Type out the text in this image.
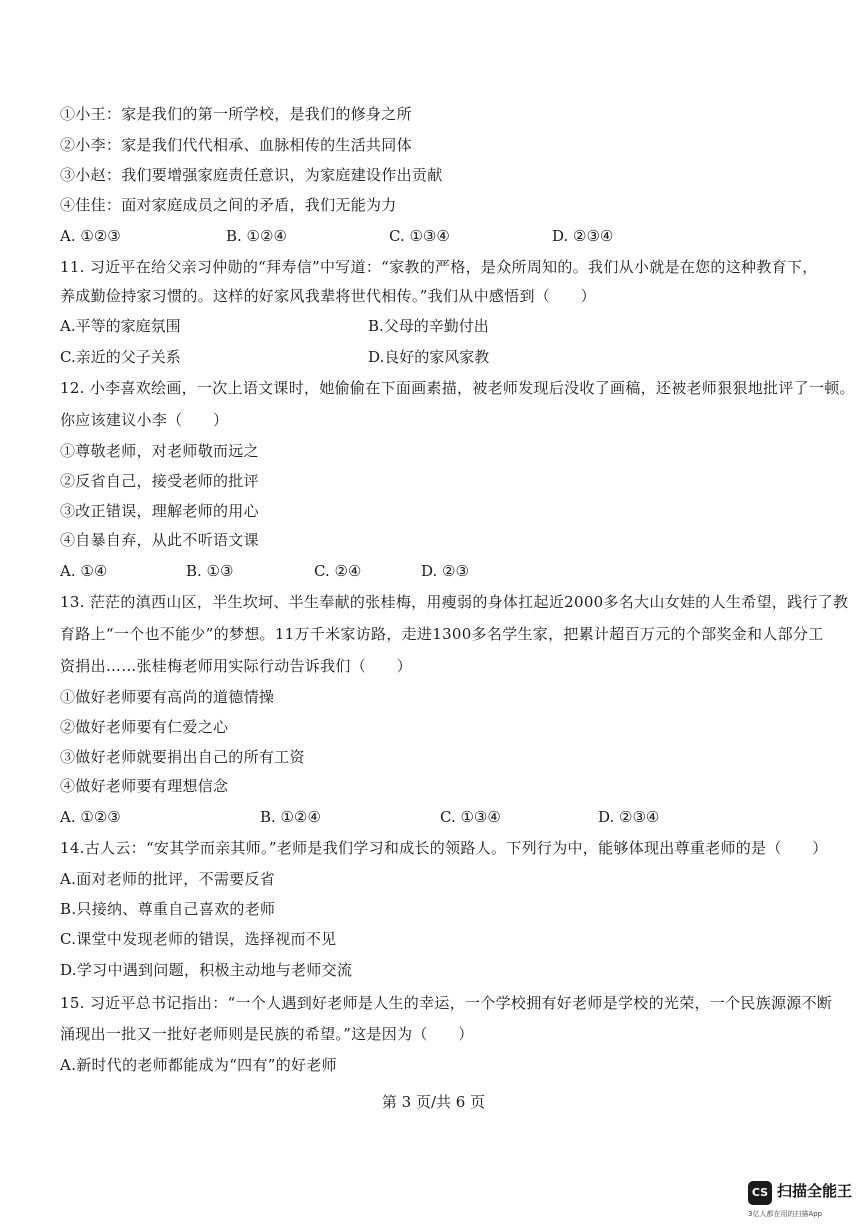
①小王：家是我们的第一所学校，是我们的修身之所
②小李：家是我们代代相承、血脉相传的生活共同体
③小赵：我们要增强家庭责任意识，为家庭建设作出贡献
④佳佳：面对家庭成员之间的矛盾，我们无能为力
A. ①②③	B. ①②④	C. ①③④	D. ②③④
11. 习近平在给父亲习仲勋的“拜寿信”中写道：“家教的严格，是众所周知的。我们从小就是在您的这种教育下，
养成勤俭持家习惯的。这样的好家风我辈将世代相传。”我们从中感悟到（　　）
A.平等的家庭氛围	B.父母的辛勤付出
C.亲近的父子关系	D.良好的家风家教
12. 小李喜欢绘画，一次上语文课时，她偷偷在下面画素描，被老师发现后没收了画稿，还被老师狠狠地批评了一顿。
你应该建议小李（　　）
①尊敬老师，对老师敬而远之
②反省自己，接受老师的批评
③改正错误，理解老师的用心
④自暴自弃，从此不听语文课
A. ①④	B. ①③	C. ②④	D. ②③
13. 茫茫的滇西山区，半生坎坷、半生奉献的张桂梅，用瘦弱的身体扛起近2000多名大山女娃的人生希望，践行了教
育路上“一个也不能少”的梦想。11万千米家访路，走进1300多名学生家，把累计超百万元的个部奖金和人部分工
资捐出……张桂梅老师用实际行动告诉我们（　　）
①做好老师要有高尚的道德情操
②做好老师要有仁爱之心
③做好老师就要捐出自己的所有工资
④做好老师要有理想信念
A. ①②③	B. ①②④	C. ①③④	D. ②③④
14.古人云：“安其学而亲其师。”老师是我们学习和成长的领路人。下列行为中，能够体现出尊重老师的是（　　）
A.面对老师的批评，不需要反省
B.只接纳、尊重自己喜欢的老师
C.课堂中发现老师的错误，选择视而不见
D.学习中遇到问题，积极主动地与老师交流
15. 习近平总书记指出：“一个人遇到好老师是人生的幸运，一个学校拥有好老师是学校的光荣，一个民族源源不断
涌现出一批又一批好老师则是民族的希望。”这是因为（　　）
A.新时代的老师都能成为“四有”的好老师
第 3 页/共 6 页
CS 扫描全能王
3亿人都在用的扫描App
